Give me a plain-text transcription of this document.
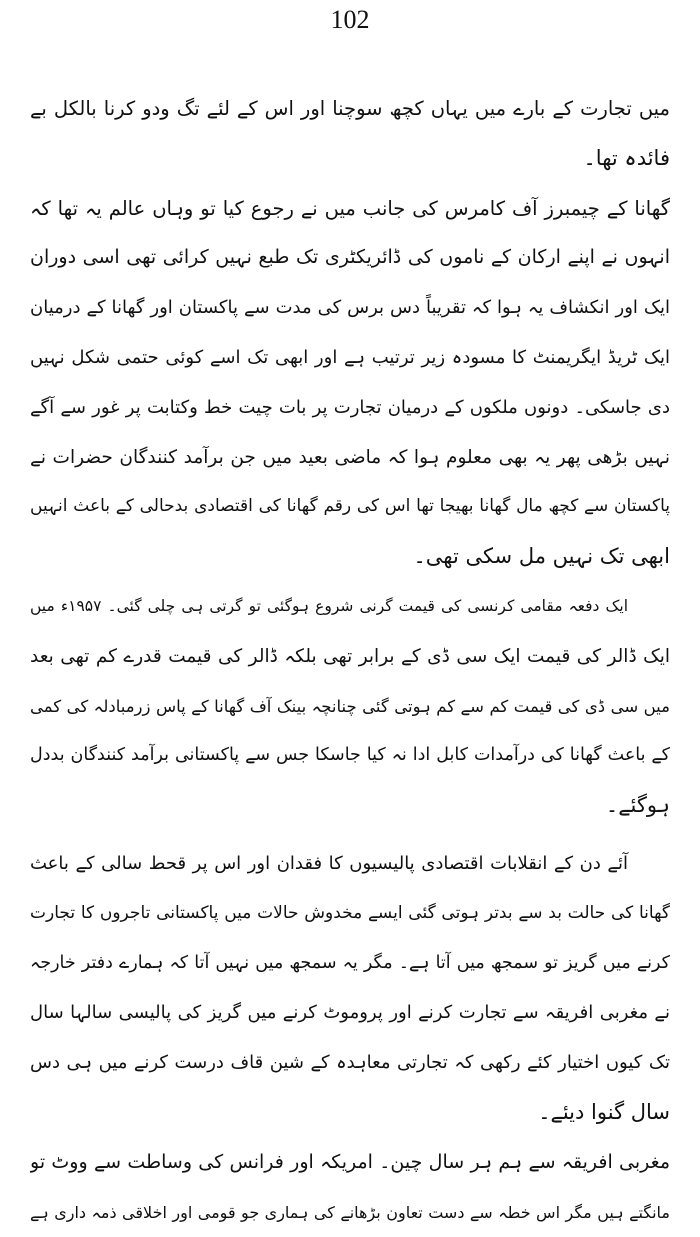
102
میں تجارت کے بارے میں یہاں کچھ سوچنا اور اس کے لئے تگ ودو کرنا بالکل بے
فائدہ تھا۔
گھانا کے چیمبرز آف کامرس کی جانب میں نے رجوع کیا تو وہاں عالم یہ تھا کہ
انہوں نے اپنے ارکان کے ناموں کی ڈائریکٹری تک طبع نہیں کرائی تھی اسی دوران
ایک اور انکشاف یہ ہوا کہ تقریباً دس برس کی مدت سے پاکستان اور گھانا کے درمیان
ایک ٹریڈ ایگریمنٹ کا مسودہ زیر ترتیب ہے اور ابھی تک اسے کوئی حتمی شکل نہیں
دی جاسکی۔ دونوں ملکوں کے درمیان تجارت پر بات چیت خط وکتابت پر غور سے آگے
نہیں بڑھی پھر یہ بھی معلوم ہوا کہ ماضی بعید میں جن برآمد کنندگان حضرات نے
پاکستان سے کچھ مال گھانا بھیجا تھا اس کی رقم گھانا کی اقتصادی بدحالی کے باعث انہیں
ابھی تک نہیں مل سکی تھی۔
ایک دفعہ مقامی کرنسی کی قیمت گرنی شروع ہوگئی تو گرتی ہی چلی گئی۔ ۱۹۵۷ء میں
ایک ڈالر کی قیمت ایک سی ڈی کے برابر تھی بلکہ ڈالر کی قیمت قدرے کم تھی بعد
میں سی ڈی کی قیمت کم سے کم ہوتی گئی چنانچہ بینک آف گھانا کے پاس زرمبادلہ کی کمی
کے باعث گھانا کی درآمدات کابل ادا نہ کیا جاسکا جس سے پاکستانی برآمد کنندگان بددل
ہوگئے۔
آئے دن کے انقلابات اقتصادی پالیسیوں کا فقدان اور اس پر قحط سالی کے باعث
گھانا کی حالت بد سے بدتر ہوتی گئی ایسے مخدوش حالات میں پاکستانی تاجروں کا تجارت
کرنے میں گریز تو سمجھ میں آتا ہے۔ مگر یہ سمجھ میں نہیں آتا کہ ہمارے دفتر خارجہ
نے مغربی افریقہ سے تجارت کرنے اور پروموٹ کرنے میں گریز کی پالیسی سالہا سال
تک کیوں اختیار کئے رکھی کہ تجارتی معاہدہ کے شین قاف درست کرنے میں ہی دس
سال گنوا دیئے۔
مغربی افریقہ سے ہم ہر سال چین۔ امریکہ اور فرانس کی وساطت سے ووٹ تو
مانگتے ہیں مگر اس خطہ سے دست تعاون بڑھانے کی ہماری جو قومی اور اخلاقی ذمہ داری ہے
